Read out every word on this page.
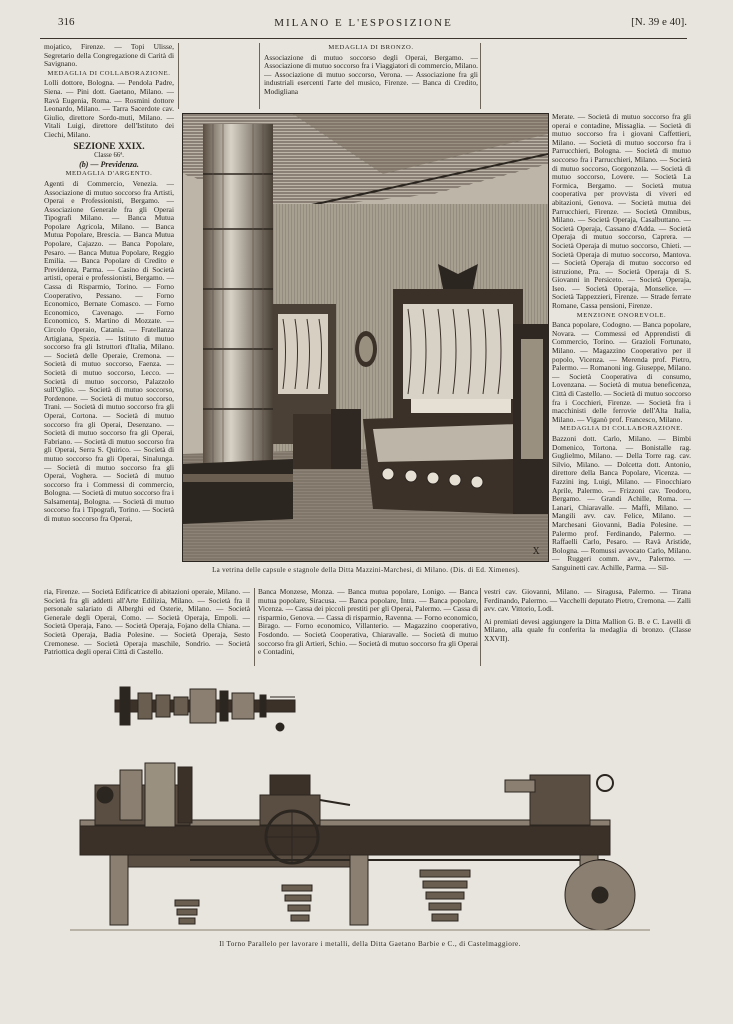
316	MILANO E L'ESPOSIZIONE	[N. 39 e 40].

mojatico, Firenze. — Topi Ulisse, Segretario della Congregazione di Carità di Savignano.

MEDAGLIA DI COLLABORAZIONE.

Lolli dottore, Bologna. — Pendola Padre, Siena. — Pini dott. Gaetano, Milano. — Ravà Eugenia, Roma. — Rosmini dottore Leonardo, Milano. — Tarra Sacerdote cav. Giulio, direttore Sordo-muti, Milano. — Vitali Luigi, direttore dell'Istituto dei Ciechi, Milano.

SEZIONE XXIX.
Classe 66ª.
(b) — Previdenza.
MEDAGLIA D'ARGENTO.

Agenti di Commercio, Venezia. — Associazione di mutuo soccorso fra Artisti, Operai e Professionisti, Bergamo. — Associazione Generale fra gli Operai Tipografi Milano. — Banca Mutua Popolare Agricola, Milano. — Banca Mutua Popolare, Brescia. — Banca Mutua Popolare, Cajazzo. — Banca Popolare, Pesaro. — Banca Mutua Popolare, Reggio Emilia. — Banca Popolare di Credito e Previdenza, Parma. — Casino di Società artisti, operai e professionisti, Bergamo. — Cassa di Risparmio, Torino. — Forno Cooperativo, Pessano. — Forno Economico, Bernate Comasco. — Forno Economico, Cavenago. — Forno Economico, S. Martino di Mozzate. — Circolo Operaio, Catania. — Fratellanza Artigiana, Spezia. — Istituto di mutuo soccorso fra gli Istruttori d'Italia, Milano. — Società delle Operaie, Cremona. — Società di mutuo soccorso, Faenza. — Società di mutuo soccorso, Lecco. — Società di mutuo soccorso, Palazzolo sull'Oglio. — Società di mutuo soccorso, Pordenone. — Società di mutuo soccorso, Trani. — Società di mutuo soccorso fra gli Operai, Cortona. — Società di mutuo soccorso fra gli Operai, Desenzano. — Società di mutuo soccorso fra gli Operai, Fabriano. — Società di mutuo soccorso fra gli Operai, Serra S. Quirico. — Società di mutuo soccorso fra gli Operai, Sinalunga. — Società di mutuo soccorso fra gli Operai, Voghera. — Società di mutuo soccorso fra i Commessi di commercio, Bologna. — Società di mutuo soccorso fra i Salsamentaj, Bologna. — Società di mutuo soccorso fra i Tipografi, Torino. — Società di mutuo soccorso fra Operai,

MEDAGLIA DI BRONZO.

Associazione di mutuo soccorso degli Operai, Bergamo. — Associazione di mutuo soccorso fra i Viaggiatori di commercio, Milano. — Associazione di mutuo soccorso, Verona. — Associazione fra gli industriali esercenti l'arte del musico, Firenze. — Banca di Credito, Modigliana

Merate. — Società di mutuo soccorso fra gli operai e contadine, Missaglia. — Società di mutuo soccorso fra i giovani Caffettieri, Milano. — Società di mutuo soccorso fra i Parrucchieri, Bologna. — Società di mutuo soccorso fra i Parrucchieri, Milano. — Società di mutuo soccorso, Gorgonzola. — Società di mutuo soccorso, Lovere. — Società La Formica, Bergamo. — Società mutua cooperativa per provvista di viveri ed abitazioni, Genova. — Società mutua dei Parrucchieri, Firenze. — Società Omnibus, Milano. — Società Operaja, Casalbuttano. — Società Operaja, Cassano d'Adda. — Società Operaja di mutuo soccorso, Caprera. — Società Operaja di mutuo soccorso, Chieti. — Società Operaja di mutuo soccorso, Mantova. — Società Operaja di mutuo soccorso ed istruzione, Pra. — Società Operaja di S. Giovanni in Persiceto. — Società Operaja, Iseo. — Società Operaja, Monselice. — Società Tappezzieri, Firenze. — Strade ferrate Romane, Cassa pensioni, Firenze.

MENZIONE ONOREVOLE.

Banca popolare, Codogno. — Banca popolare, Novara. — Commessi ed Apprendisti di Commercio, Torino. — Grazioli Fortunato, Milano. — Magazzino Cooperativo per il popolo, Vicenza. — Merenda prof. Pietro, Palermo. — Romanoni ing. Giuseppe, Milano. — Società Cooperativa di consumo, Lovenzana. — Società di mutua beneficenza, Città di Castello. — Società di mutuo soccorso fra i Cocchieri, Firenze. — Società fra i macchinisti delle ferrovie dell'Alta Italia, Milano. — Viganò prof. Francesco, Milano.

MEDAGLIA DI COLLABORAZIONE.

Bazzoni dott. Carlo, Milano. — Bimbi Domenico, Tortona. — Bonistalle rag. Guglielmo, Milano. — Della Torre rag. cav. Silvio, Milano. — Dolcetta dott. Antonio, direttore della Banca Popolare, Vicenza. — Fazzini ing. Luigi, Milano. — Finocchiaro Aprile, Palermo. — Frizzoni cav. Teodoro, Bergamo. — Grandi Achille, Roma. — Lanari, Chiaravalle. — Maffi, Milano. — Mangili avv. cav. Felice, Milano. — Marchesani Giovanni, Badia Polesine. — Palermo prof. Ferdinando, Palermo. — Raffaelli Carlo, Pesaro. — Ravà Aristide, Bologna. — Romussi avvocato Carlo, Milano. — Ruggeri comm. avv., Palermo. — Sanguinetti cav. Achille, Parma. — Sil-

X
La vetrina delle capsule e stagnole della Ditta Mazzini-Marchesi, di Milano. (Dis. di Ed. Ximenes).

ria, Firenze. — Società Edificatrice di abitazioni operaie, Milano. — Società fra gli addetti all'Arte Edilizia, Milano. — Società fra il personale salariato di Alberghi ed Osterie, Milano. — Società Generale degli Operai, Como. — Società Operaja, Empoli. — Società Operaja, Fano. — Società Operaja, Fojano della Chiana. — Società Operaja, Badia Polesine. — Società Operaja, Sesto Cremonese. — Società Operaja maschile, Sondrio. — Società Patriottica degli operai Città di Castello.

Banca Monzese, Monza. — Banca mutua popolare, Lonigo. — Banca mutua popolare, Siracusa. — Banca popolare, Intra. — Banca popolare, Vicenza. — Cassa dei piccoli prestiti per gli Operai, Palermo. — Cassa di risparmio, Genova. — Cassa di risparmio, Ravenna. — Forno economico, Birago. — Forno economico, Villanterio. — Magazzino cooperativo, Fosdondo. — Società Cooperativa, Chiaravalle. — Società di mutuo soccorso fra gli Artieri, Schio. — Società di mutuo soccorso fra gli Operai e Contadini,

vestri cav. Giovanni, Milano. — Siragusa, Palermo. — Tirana Ferdinando, Palermo. — Vacchelli deputato Pietro, Cremona. — Zalli avv. cav. Vittorio, Lodi.

Ai premiati devesi aggiungere la Ditta Mallion G. B. e C. Lavelli di Milano, alla quale fu conferita la medaglia di bronzo. (Classe XXVII).

Il Torno Parallelo per lavorare i metalli, della Ditta Gaetano Barbie e C., di Castelmaggiore.
